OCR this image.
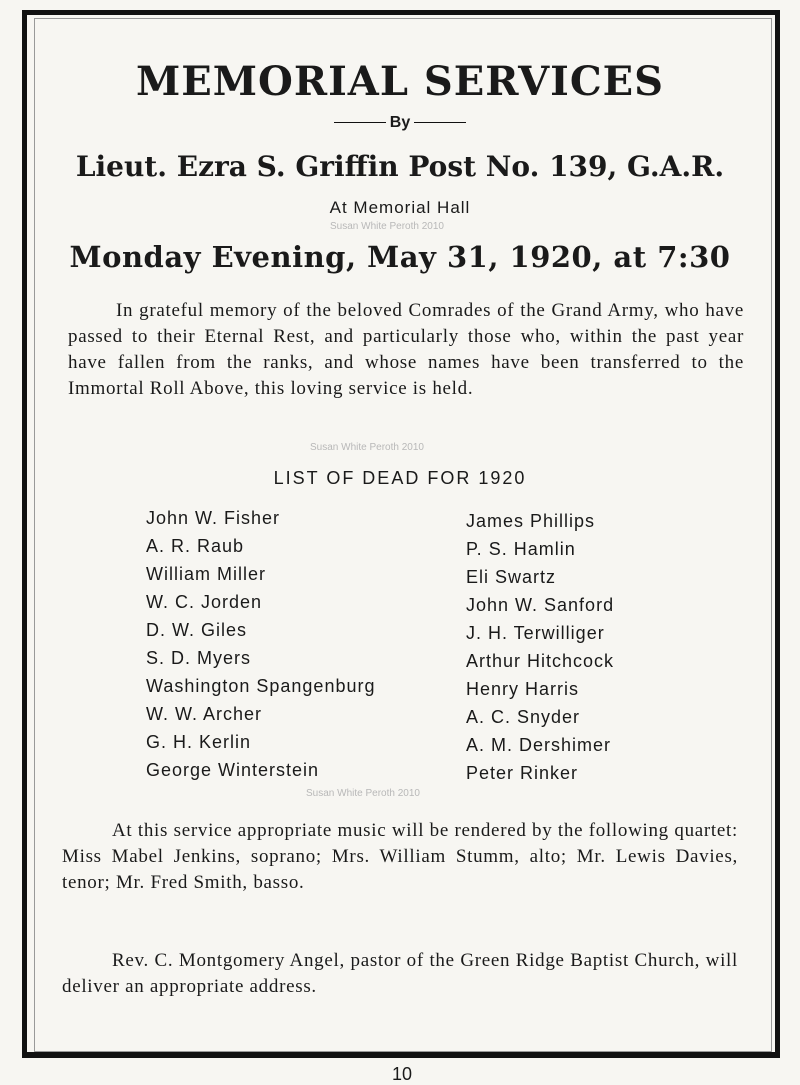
MEMORIAL SERVICES
By
Lieut. Ezra S. Griffin Post No. 139, G.A.R.
At Memorial Hall
Susan White Peroth 2010
Monday Evening, May 31, 1920, at 7:30
In grateful memory of the beloved Comrades of the Grand Army, who have passed to their Eternal Rest, and particularly those who, within the past year have fallen from the ranks, and whose names have been transferred to the Immortal Roll Above, this loving service is held.
Susan White Peroth 2010
LIST OF DEAD FOR 1920
John W. Fisher
A. R. Raub
William Miller
W. C. Jorden
D. W. Giles
S. D. Myers
Washington Spangenburg
W. W. Archer
G. H. Kerlin
George Winterstein
James Phillips
P. S. Hamlin
Eli Swartz
John W. Sanford
J. H. Terwilliger
Arthur Hitchcock
Henry Harris
A. C. Snyder
A. M. Dershimer
Peter Rinker
Susan White Peroth 2010
At this service appropriate music will be rendered by the following quartet: Miss Mabel Jenkins, soprano; Mrs. William Stumm, alto; Mr. Lewis Davies, tenor; Mr. Fred Smith, basso.
Rev. C. Montgomery Angel, pastor of the Green Ridge Baptist Church, will deliver an appropriate address.
10
